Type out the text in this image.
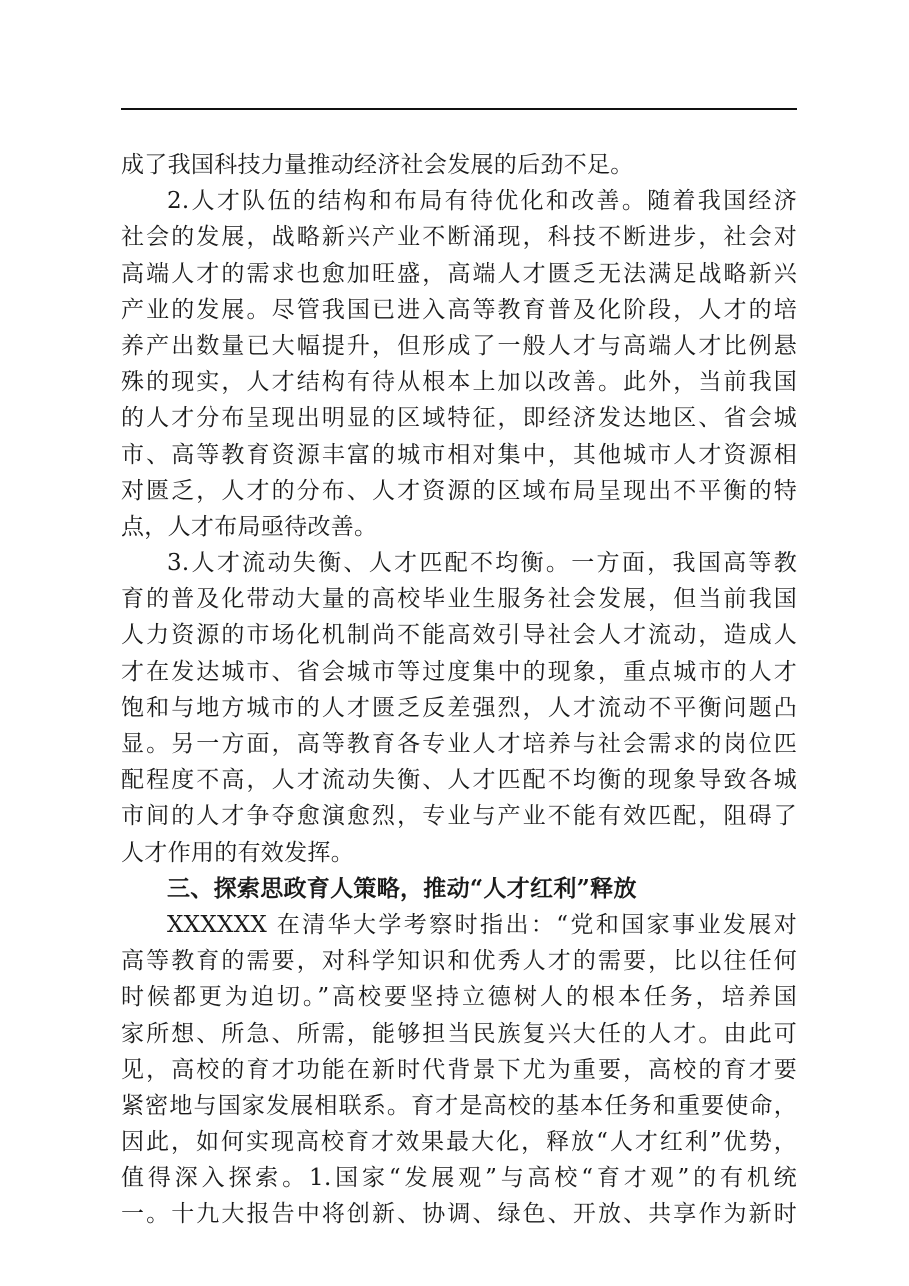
成了我国科技力量推动经济社会发展的后劲不足。
2.人才队伍的结构和布局有待优化和改善。随着我国经济
社会的发展，战略新兴产业不断涌现，科技不断进步，社会对
高端人才的需求也愈加旺盛，高端人才匮乏无法满足战略新兴
产业的发展。尽管我国已进入高等教育普及化阶段，人才的培
养产出数量已大幅提升，但形成了一般人才与高端人才比例悬
殊的现实，人才结构有待从根本上加以改善。此外，当前我国
的人才分布呈现出明显的区域特征，即经济发达地区、省会城
市、高等教育资源丰富的城市相对集中，其他城市人才资源相
对匮乏，人才的分布、人才资源的区域布局呈现出不平衡的特
点，人才布局亟待改善。
3.人才流动失衡、人才匹配不均衡。一方面，我国高等教
育的普及化带动大量的高校毕业生服务社会发展，但当前我国
人力资源的市场化机制尚不能高效引导社会人才流动，造成人
才在发达城市、省会城市等过度集中的现象，重点城市的人才
饱和与地方城市的人才匮乏反差强烈，人才流动不平衡问题凸
显。另一方面，高等教育各专业人才培养与社会需求的岗位匹
配程度不高，人才流动失衡、人才匹配不均衡的现象导致各城
市间的人才争夺愈演愈烈，专业与产业不能有效匹配，阻碍了
人才作用的有效发挥。
三、探索思政育人策略，推动“人才红利”释放
XXXXXX 在清华大学考察时指出：“党和国家事业发展对
高等教育的需要，对科学知识和优秀人才的需要，比以往任何
时候都更为迫切。”高校要坚持立德树人的根本任务，培养国
家所想、所急、所需，能够担当民族复兴大任的人才。由此可
见，高校的育才功能在新时代背景下尤为重要，高校的育才要
紧密地与国家发展相联系。育才是高校的基本任务和重要使命，
因此，如何实现高校育才效果最大化，释放“人才红利”优势，
值得深入探索。1.国家“发展观”与高校“育才观”的有机统
一。十九大报告中将创新、协调、绿色、开放、共享作为新时
